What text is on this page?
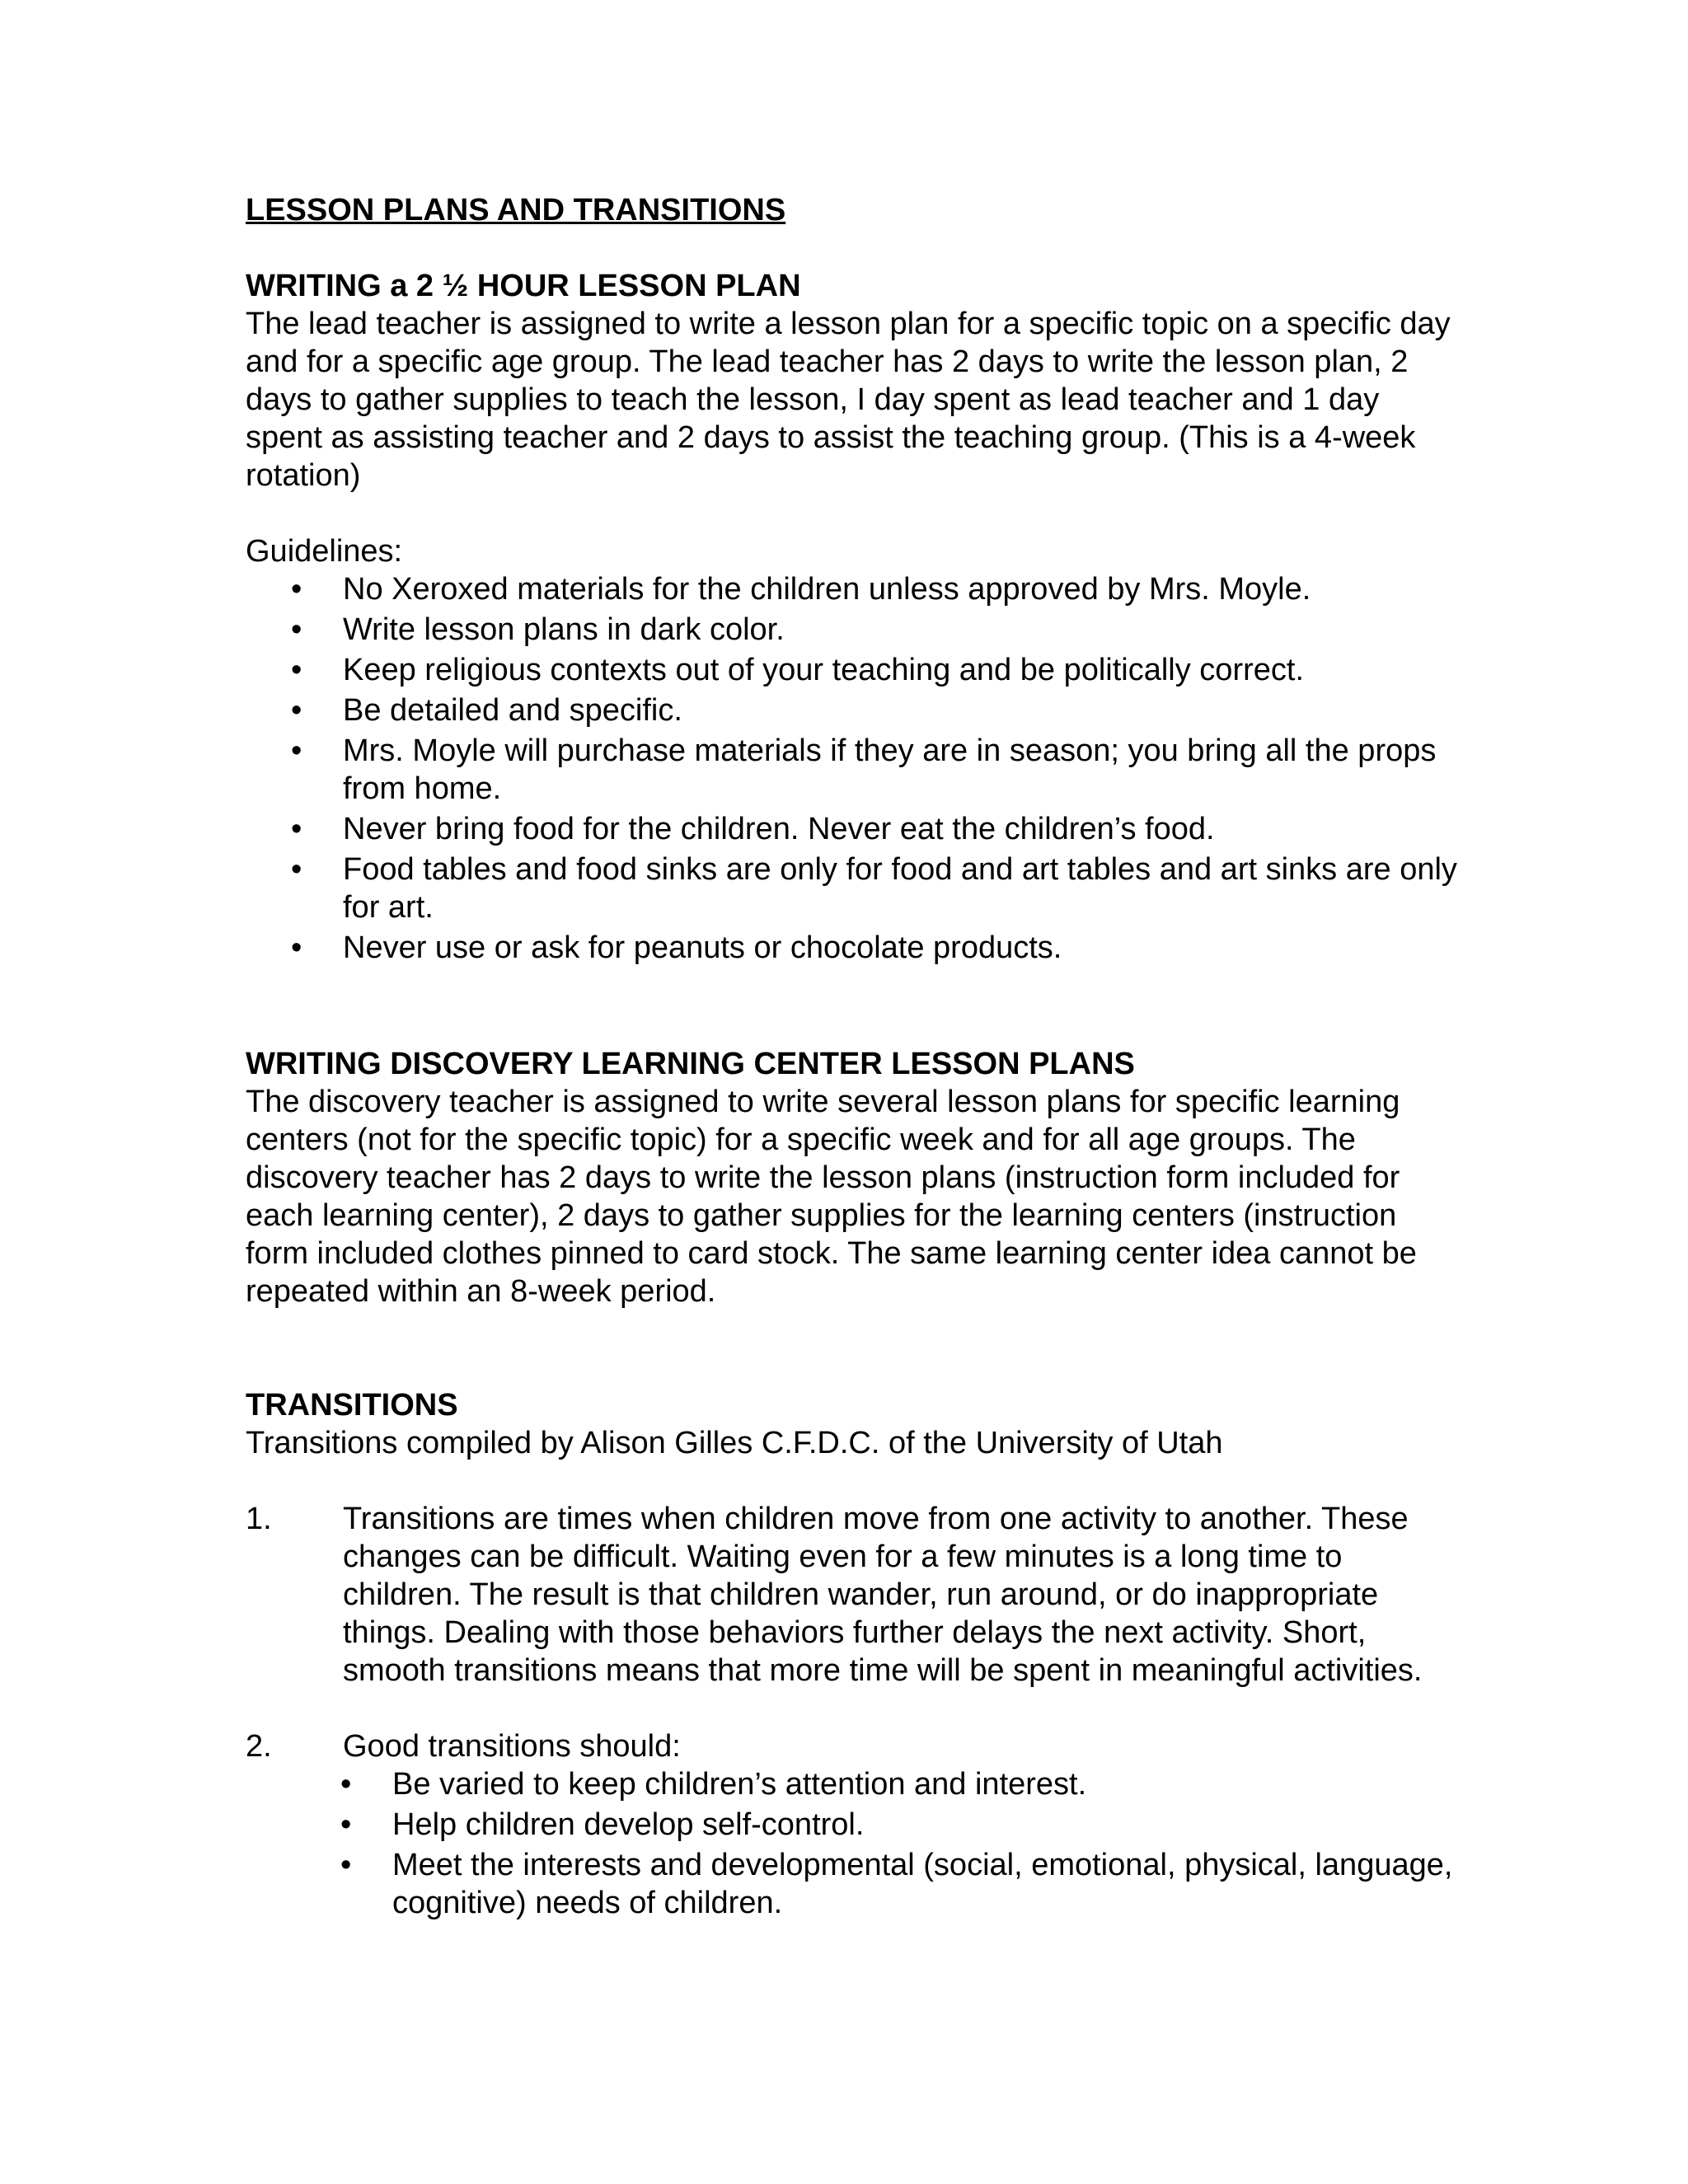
LESSON PLANS AND TRANSITIONS

WRITING a 2 ½ HOUR LESSON PLAN

The lead teacher is assigned to write a lesson plan for a specific topic on a specific day and for a specific age group. The lead teacher has 2 days to write the lesson plan, 2 days to gather supplies to teach the lesson, I day spent as lead teacher and 1 day spent as assisting teacher and 2 days to assist the teaching group. (This is a 4-week rotation)

Guidelines:

• No Xeroxed materials for the children unless approved by Mrs. Moyle.
• Write lesson plans in dark color.
• Keep religious contexts out of your teaching and be politically correct.
• Be detailed and specific.
• Mrs. Moyle will purchase materials if they are in season; you bring all the props from home.
• Never bring food for the children. Never eat the children’s food.
• Food tables and food sinks are only for food and art tables and art sinks are only for art.
• Never use or ask for peanuts or chocolate products.

WRITING DISCOVERY LEARNING CENTER LESSON PLANS

The discovery teacher is assigned to write several lesson plans for specific learning centers (not for the specific topic) for a specific week and for all age groups. The discovery teacher has 2 days to write the lesson plans (instruction form included for each learning center), 2 days to gather supplies for the learning centers (instruction form included clothes pinned to card stock. The same learning center idea cannot be repeated within an 8-week period.

TRANSITIONS

Transitions compiled by Alison Gilles C.F.D.C. of the University of Utah

1. Transitions are times when children move from one activity to another. These changes can be difficult. Waiting even for a few minutes is a long time to children. The result is that children wander, run around, or do inappropriate things. Dealing with those behaviors further delays the next activity. Short, smooth transitions means that more time will be spent in meaningful activities.
2. Good transitions should:
• Be varied to keep children’s attention and interest.
• Help children develop self-control.
• Meet the interests and developmental (social, emotional, physical, language, cognitive) needs of children.
